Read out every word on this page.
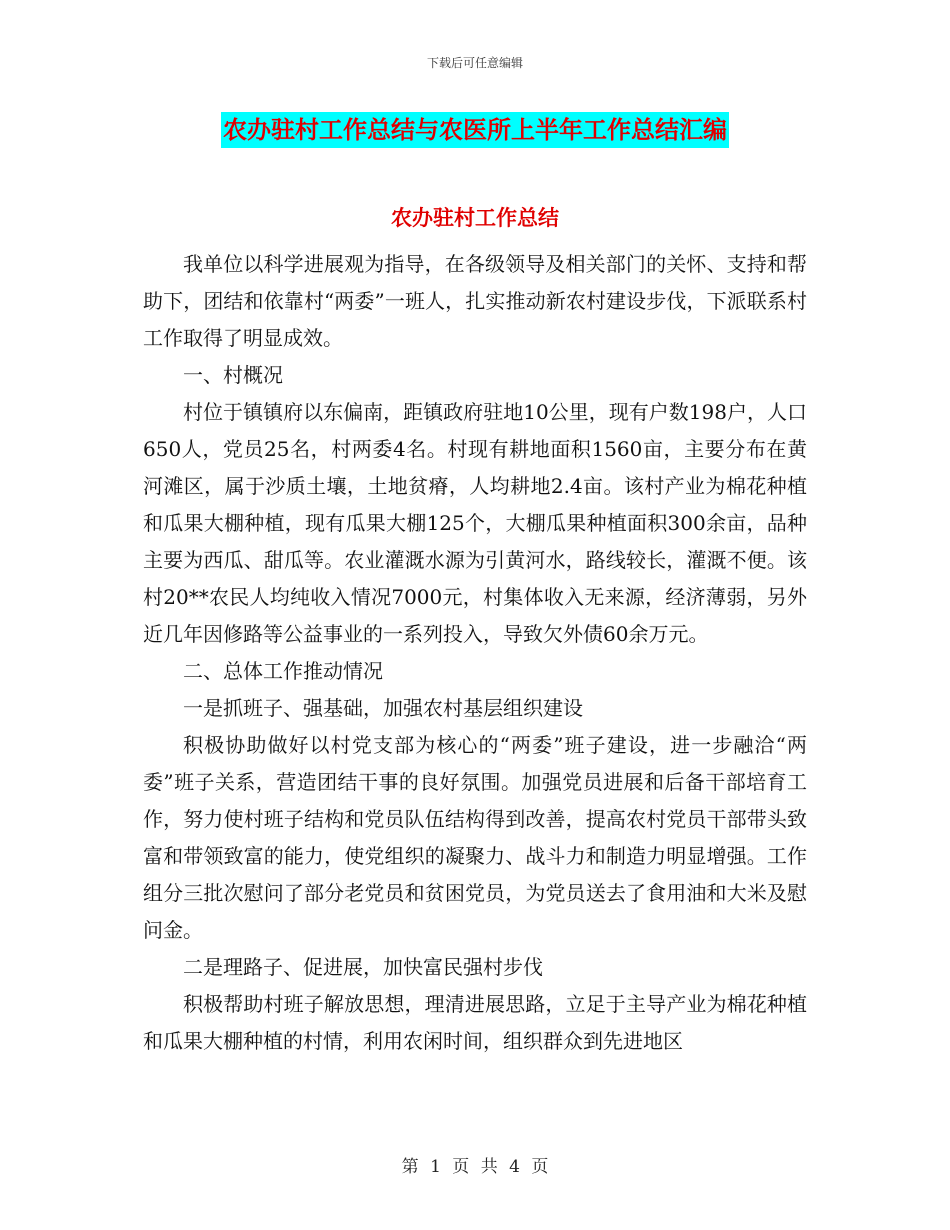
下载后可任意编辑
农办驻村工作总结与农医所上半年工作总结汇编
农办驻村工作总结

我单位以科学进展观为指导，在各级领导及相关部门的关怀、支持和帮助下，团结和依靠村“两委”一班人，扎实推动新农村建设步伐，下派联系村工作取得了明显成效。

一、村概况

村位于镇镇府以东偏南，距镇政府驻地10公里，现有户数198户，人口650人，党员25名，村两委4名。村现有耕地面积1560亩，主要分布在黄河滩区，属于沙质土壤，土地贫瘠，人均耕地2.4亩。该村产业为棉花种植和瓜果大棚种植，现有瓜果大棚125个，大棚瓜果种植面积300余亩，品种主要为西瓜、甜瓜等。农业灌溉水源为引黄河水，路线较长，灌溉不便。该村20**农民人均纯收入情况7000元，村集体收入无来源，经济薄弱，另外近几年因修路等公益事业的一系列投入，导致欠外债60余万元。

二、总体工作推动情况

一是抓班子、强基础，加强农村基层组织建设

积极协助做好以村党支部为核心的“两委”班子建设，进一步融洽“两委”班子关系，营造团结干事的良好氛围。加强党员进展和后备干部培育工作，努力使村班子结构和党员队伍结构得到改善，提高农村党员干部带头致富和带领致富的能力，使党组织的凝聚力、战斗力和制造力明显增强。工作组分三批次慰问了部分老党员和贫困党员，为党员送去了食用油和大米及慰问金。

二是理路子、促进展，加快富民强村步伐

积极帮助村班子解放思想，理清进展思路，立足于主导产业为棉花种植和瓜果大棚种植的村情，利用农闲时间，组织群众到先进地区

第 1 页 共 4 页
